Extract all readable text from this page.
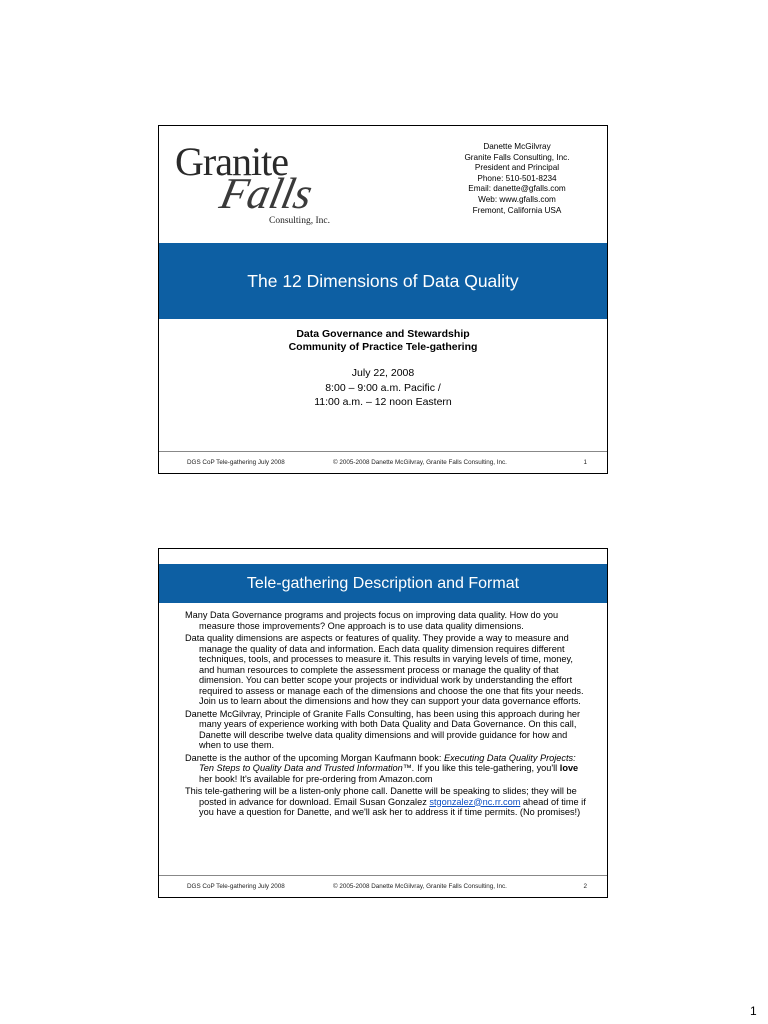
Granite
Falls
Consulting, Inc.
Danette McGilvray
Granite Falls Consulting, Inc.
President and Principal
Phone: 510-501-8234
Email: danette@gfalls.com
Web: www.gfalls.com
Fremont, California USA
The 12 Dimensions of Data Quality
Data Governance and Stewardship
Community of Practice Tele-gathering
July 22, 2008
8:00 – 9:00 a.m. Pacific /
11:00 a.m. – 12 noon Eastern
DGS CoP Tele-gathering July 2008	© 2005-2008 Danette McGilvray, Granite Falls Consulting, Inc.	1
Tele-gathering Description and Format
Many Data Governance programs and projects focus on improving data quality. How do you measure those improvements? One approach is to use data quality dimensions.
Data quality dimensions are aspects or features of quality. They provide a way to measure and manage the quality of data and information. Each data quality dimension requires different techniques, tools, and processes to measure it. This results in varying levels of time, money, and human resources to complete the assessment process or manage the quality of that dimension. You can better scope your projects or individual work by understanding the effort required to assess or manage each of the dimensions and choose the one that fits your needs. Join us to learn about the dimensions and how they can support your data governance efforts.
Danette McGilvray, Principle of Granite Falls Consulting, has been using this approach during her many years of experience working with both Data Quality and Data Governance. On this call, Danette will describe twelve data quality dimensions and will provide guidance for how and when to use them.
Danette is the author of the upcoming Morgan Kaufmann book: Executing Data Quality Projects: Ten Steps to Quality Data and Trusted Information™. If you like this tele-gathering, you'll love her book! It's available for pre-ordering from Amazon.com
This tele-gathering will be a listen-only phone call. Danette will be speaking to slides; they will be posted in advance for download. Email Susan Gonzalez stgonzalez@nc.rr.com ahead of time if you have a question for Danette, and we'll ask her to address it if time permits. (No promises!)
DGS CoP Tele-gathering July 2008	© 2005-2008 Danette McGilvray, Granite Falls Consulting, Inc.	2
1
